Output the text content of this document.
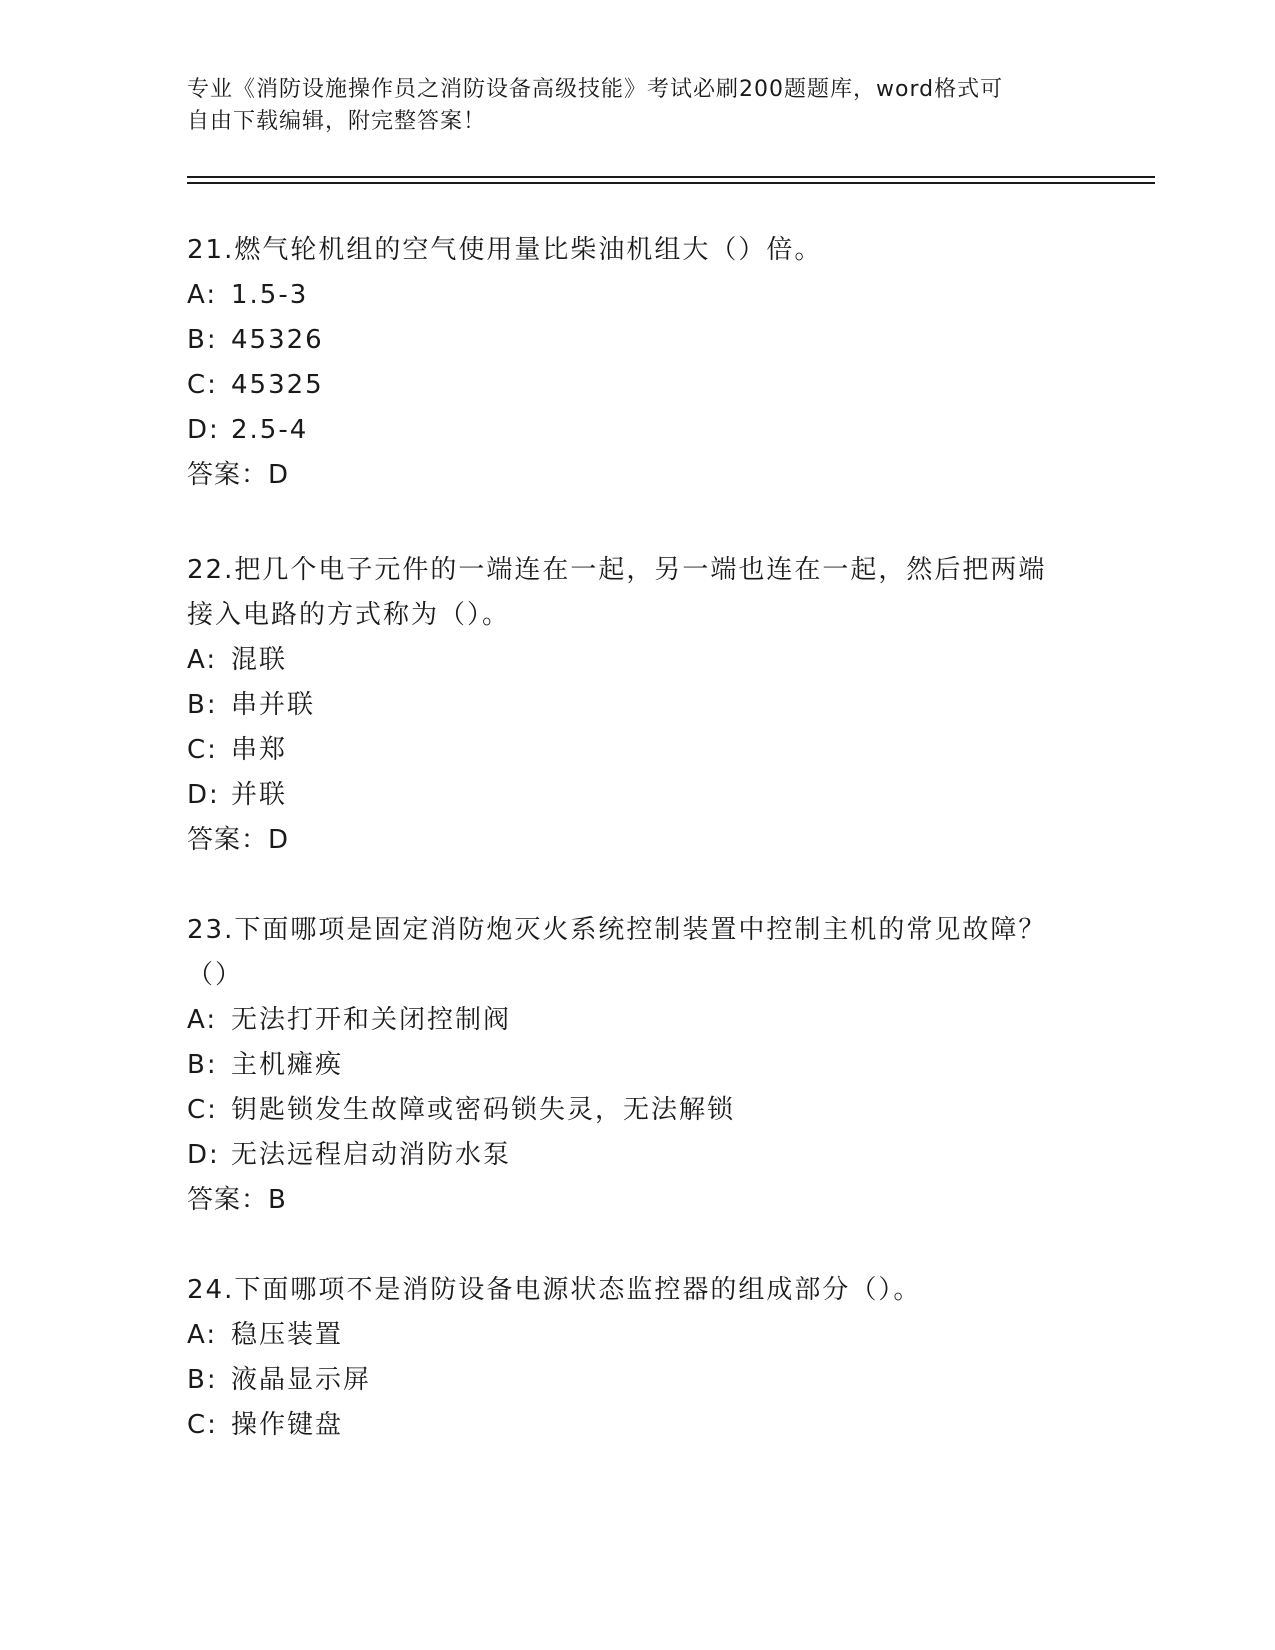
专业《消防设施操作员之消防设备高级技能》考试必刷200题题库，word格式可
自由下载编辑，附完整答案！

21.燃气轮机组的空气使用量比柴油机组大（）倍。

A: 1.5-3

B: 45326

C: 45325

D: 2.5-4

答案：D

22.把几个电子元件的一端连在一起，另一端也连在一起，然后把两端

接入电路的方式称为（）。

A: 混联

B: 串并联

C: 串郑

D: 并联

答案：D

23.下面哪项是固定消防炮灭火系统控制装置中控制主机的常见故障？

（）

A: 无法打开和关闭控制阀

B: 主机瘫痪

C: 钥匙锁发生故障或密码锁失灵，无法解锁

D: 无法远程启动消防水泵

答案：B

24.下面哪项不是消防设备电源状态监控器的组成部分（）。

A: 稳压装置

B: 液晶显示屏

C: 操作键盘
